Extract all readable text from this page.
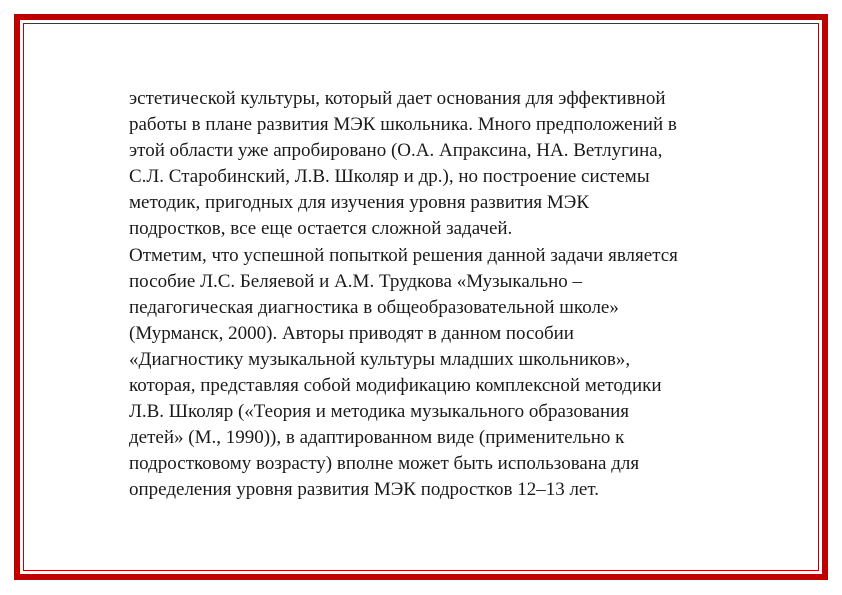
эстетической культуры, который дает основания для эффективной
работы в плане развития МЭК школьника. Много предположений в
этой области уже апробировано (О.А. Апраксина, НА. Ветлугина,
С.Л. Старобинский, Л.В. Школяр и др.), но построение системы
методик, пригодных для изучения уровня развития МЭК
подростков, все еще остается сложной задачей.
Отметим, что успешной попыткой решения данной задачи является
пособие Л.С. Беляевой и А.М. Трудкова «Музыкально –
педагогическая диагностика в общеобразовательной школе»
(Мурманск, 2000). Авторы приводят в данном пособии
«Диагностику музыкальной культуры младших школьников»,
которая, представляя собой модификацию комплексной методики
Л.В. Школяр («Теория и методика музыкального образования
детей» (М., 1990)), в адаптированном виде (применительно к
подростковому возрасту) вполне может быть использована для
определения уровня развития МЭК подростков 12–13 лет.
